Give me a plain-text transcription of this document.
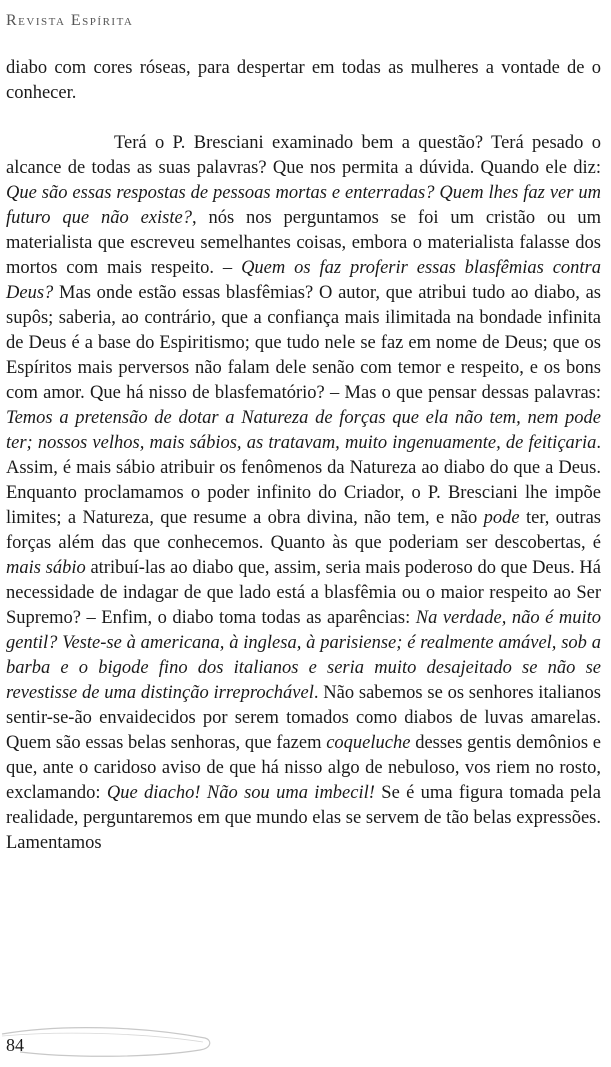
Revista Espírita

diabo com cores róseas, para despertar em todas as mulheres a vontade de o conhecer.

Terá o P. Bresciani examinado bem a questão? Terá pesado o alcance de todas as suas palavras? Que nos permita a dúvida. Quando ele diz: Que são essas respostas de pessoas mortas e enterradas? Quem lhes faz ver um futuro que não existe?, nós nos perguntamos se foi um cristão ou um materialista que escreveu semelhantes coisas, embora o materialista falasse dos mortos com mais respeito. – Quem os faz proferir essas blasfêmias contra Deus? Mas onde estão essas blasfêmias? O autor, que atribui tudo ao diabo, as supôs; saberia, ao contrário, que a confiança mais ilimitada na bondade infinita de Deus é a base do Espiritismo; que tudo nele se faz em nome de Deus; que os Espíritos mais perversos não falam dele senão com temor e respeito, e os bons com amor. Que há nisso de blasfematório? – Mas o que pensar dessas palavras: Temos a pretensão de dotar a Natureza de forças que ela não tem, nem pode ter; nossos velhos, mais sábios, as tratavam, muito ingenuamente, de feitiçaria. Assim, é mais sábio atribuir os fenômenos da Natureza ao diabo do que a Deus. Enquanto proclamamos o poder infinito do Criador, o P. Bresciani lhe impõe limites; a Natureza, que resume a obra divina, não tem, e não pode ter, outras forças além das que conhecemos. Quanto às que poderiam ser descobertas, é mais sábio atribuí-las ao diabo que, assim, seria mais poderoso do que Deus. Há necessidade de indagar de que lado está a blasfêmia ou o maior respeito ao Ser Supremo? – Enfim, o diabo toma todas as aparências: Na verdade, não é muito gentil? Veste-se à americana, à inglesa, à parisiense; é realmente amável, sob a barba e o bigode fino dos italianos e seria muito desajeitado se não se revestisse de uma distinção irreprochável. Não sabemos se os senhores italianos sentir-se-ão envaidecidos por serem tomados como diabos de luvas amarelas. Quem são essas belas senhoras, que fazem coqueluche desses gentis demônios e que, ante o caridoso aviso de que há nisso algo de nebuloso, vos riem no rosto, exclamando: Que diacho! Não sou uma imbecil! Se é uma figura tomada pela realidade, perguntaremos em que mundo elas se servem de tão belas expressões. Lamentamos

84
